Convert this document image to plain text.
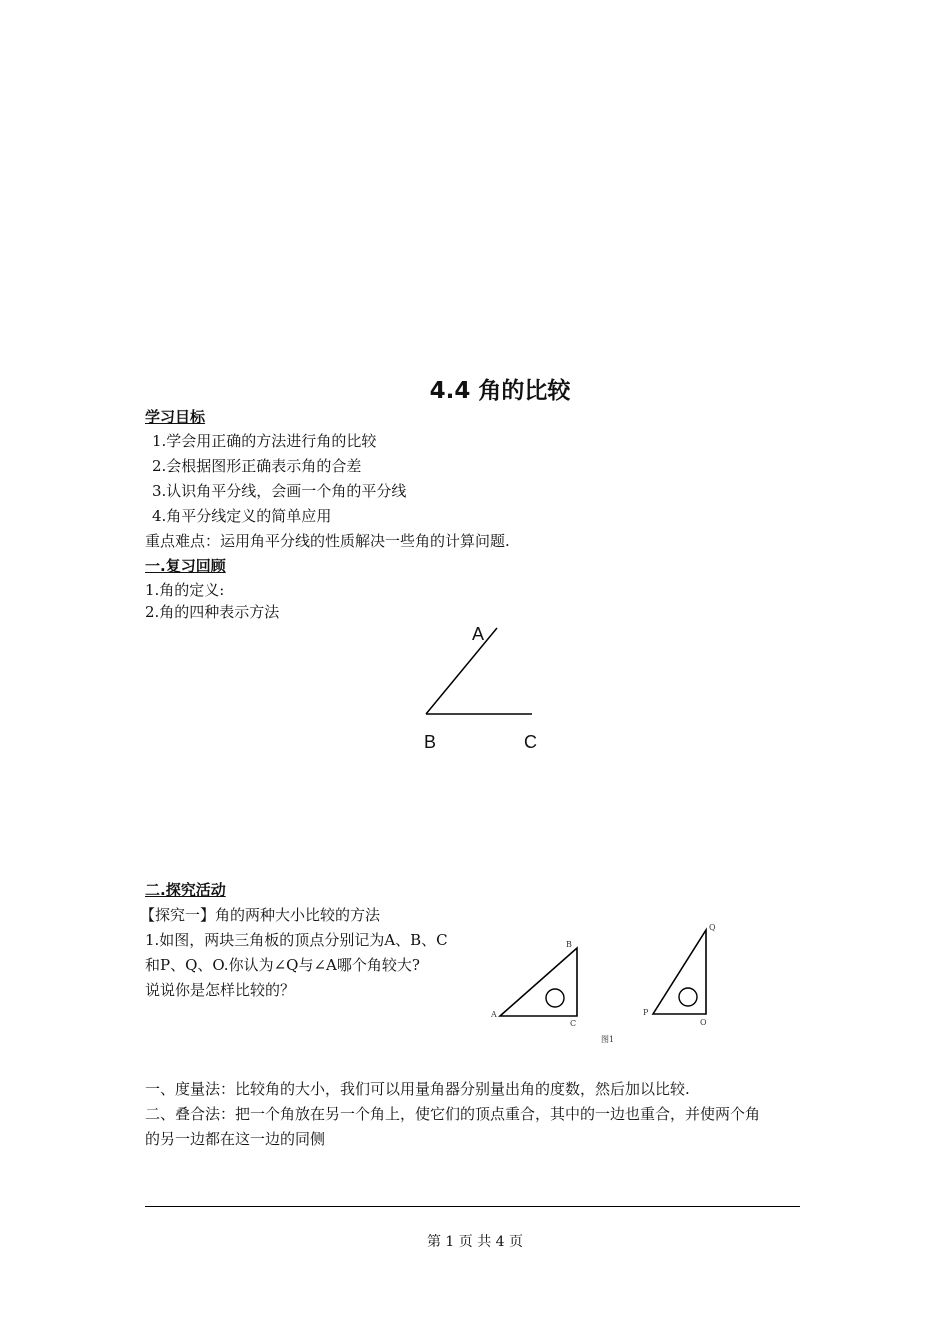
4.4 角的比较
学习目标
1.学会用正确的方法进行角的比较
2.会根据图形正确表示角的合差
3.认识角平分线，会画一个角的平分线
4.角平分线定义的简单应用
重点难点：运用角平分线的性质解决一些角的计算问题.
一.复习回顾
1.角的定义:
2.角的四种表示方法
A
B	C
二.探究活动
【探究一】角的两种大小比较的方法
1.如图，两块三角板的顶点分别记为A、B、C
和P、Q、O.你认为∠Q与∠A哪个角较大?
说说你是怎样比较的？
A
B
C
P
Q
O
图1
一、度量法：比较角的大小，我们可以用量角器分别量出角的度数，然后加以比较.
二、叠合法：把一个角放在另一个角上，使它们的顶点重合，其中的一边也重合，并使两个角
的另一边都在这一边的同侧
第 1 页 共 4 页
